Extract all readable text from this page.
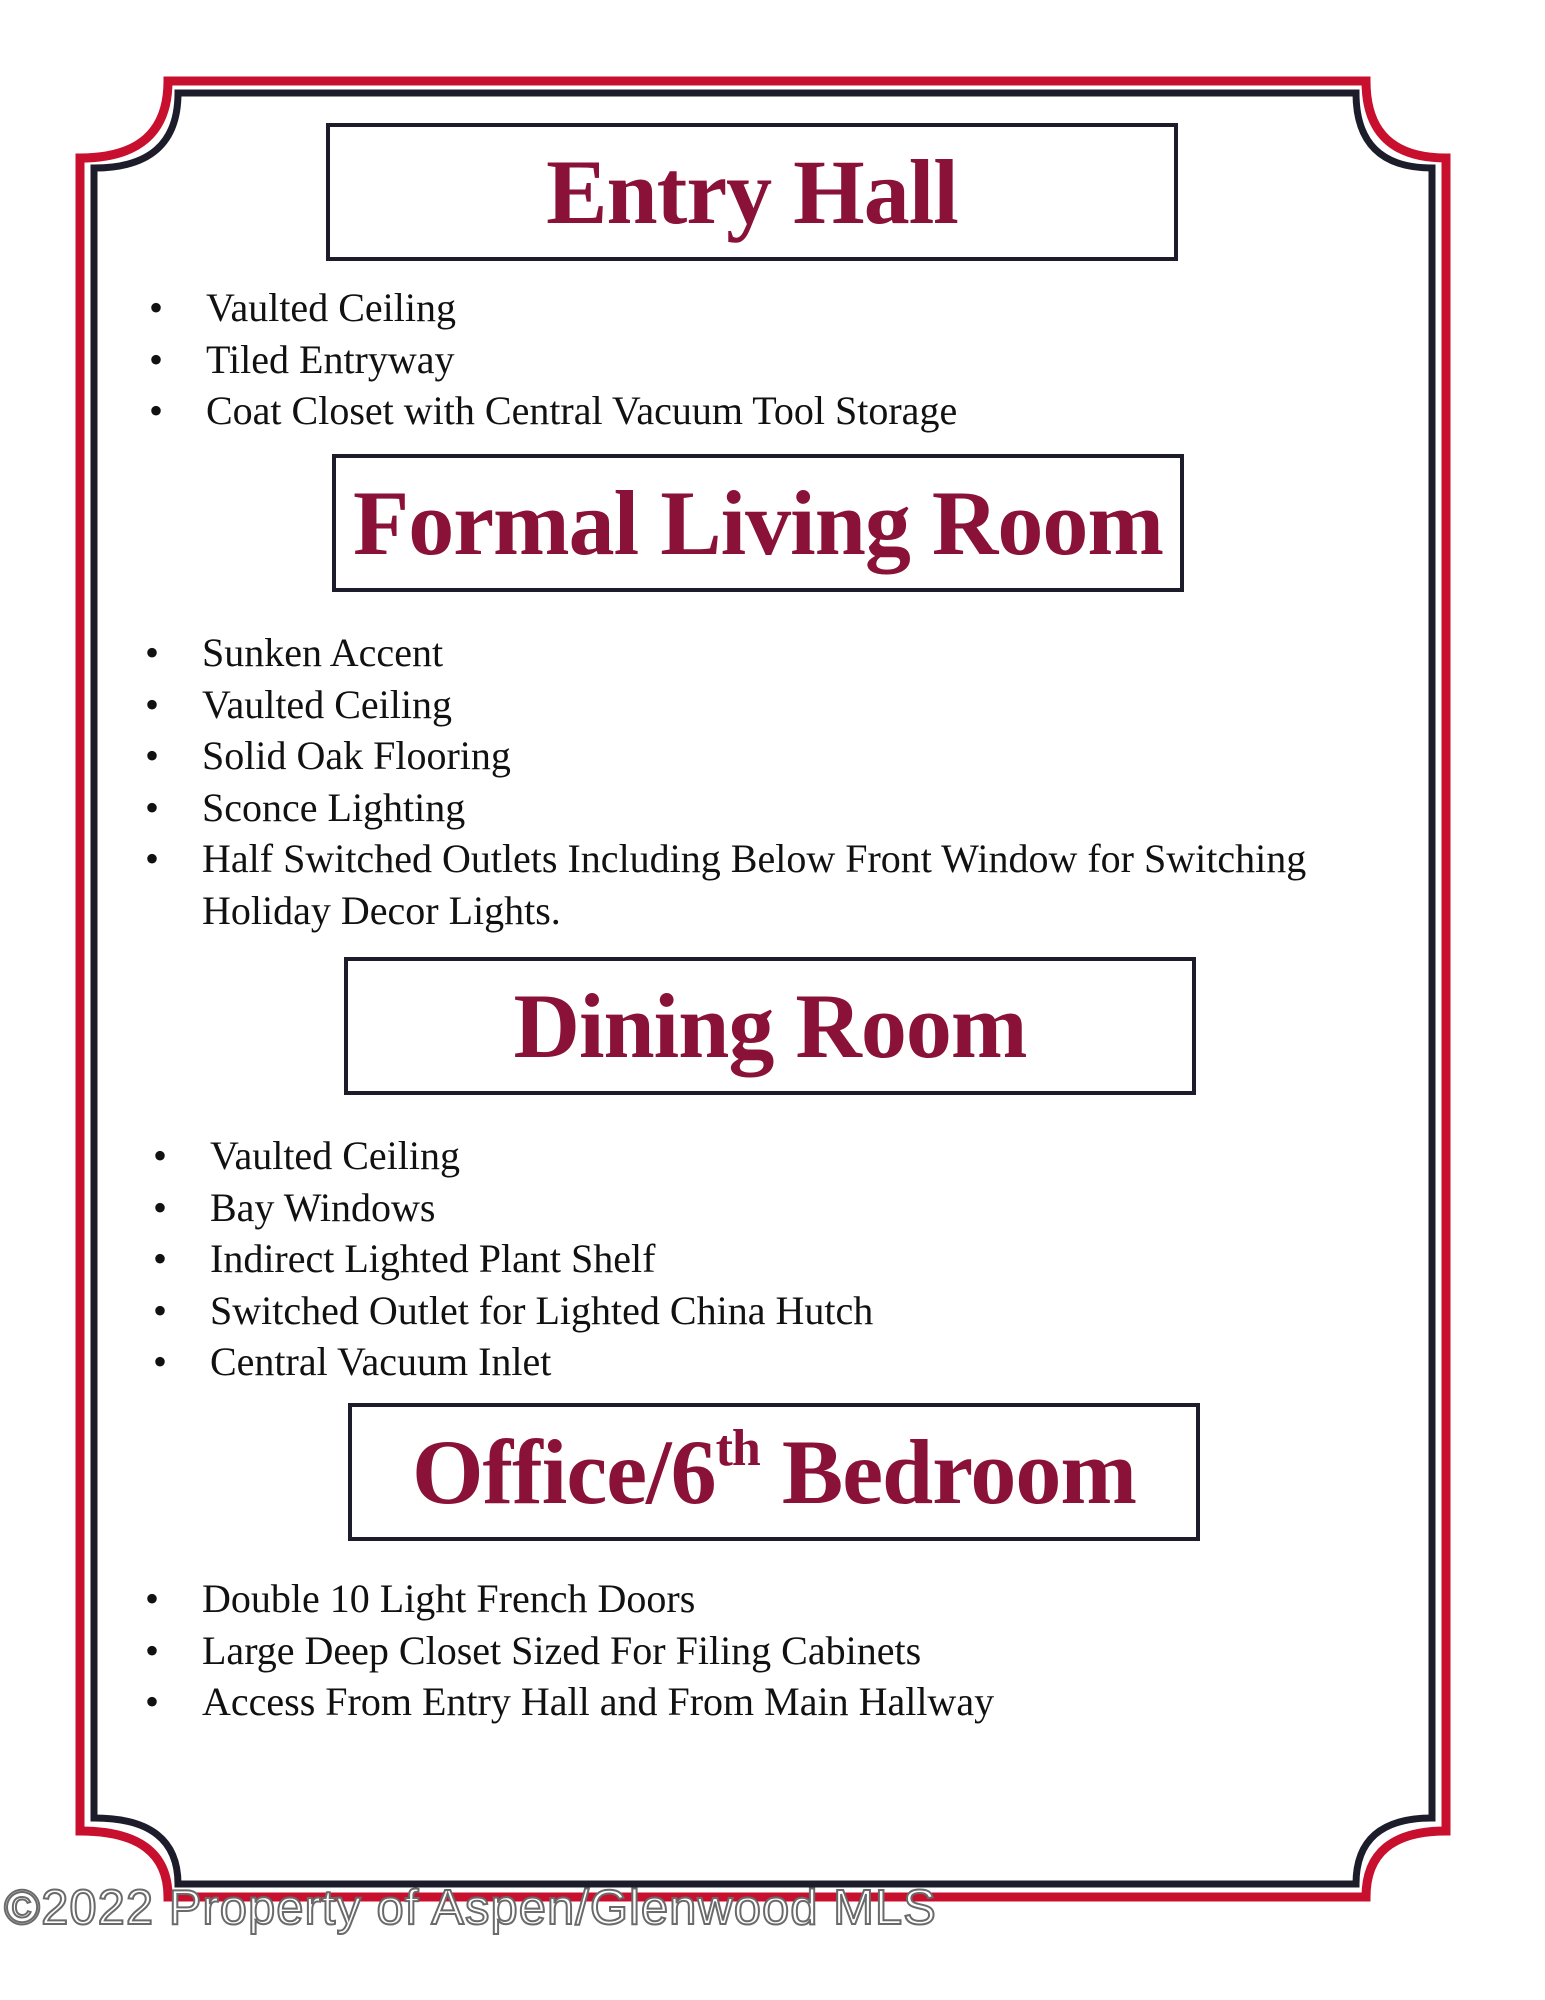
Entry Hall
• Vaulted Ceiling
• Tiled Entryway
• Coat Closet with Central Vacuum Tool Storage
Formal Living Room
• Sunken Accent
• Vaulted Ceiling
• Solid Oak Flooring
• Sconce Lighting
• Half Switched Outlets Including Below Front Window for Switching Holiday Decor Lights.
Dining Room
• Vaulted Ceiling
• Bay Windows
• Indirect Lighted Plant Shelf
• Switched Outlet for Lighted China Hutch
• Central Vacuum Inlet
Office/6th Bedroom
• Double 10 Light French Doors
• Large Deep Closet Sized For Filing Cabinets
• Access From Entry Hall and From Main Hallway
©2022 Property of Aspen/Glenwood MLS
